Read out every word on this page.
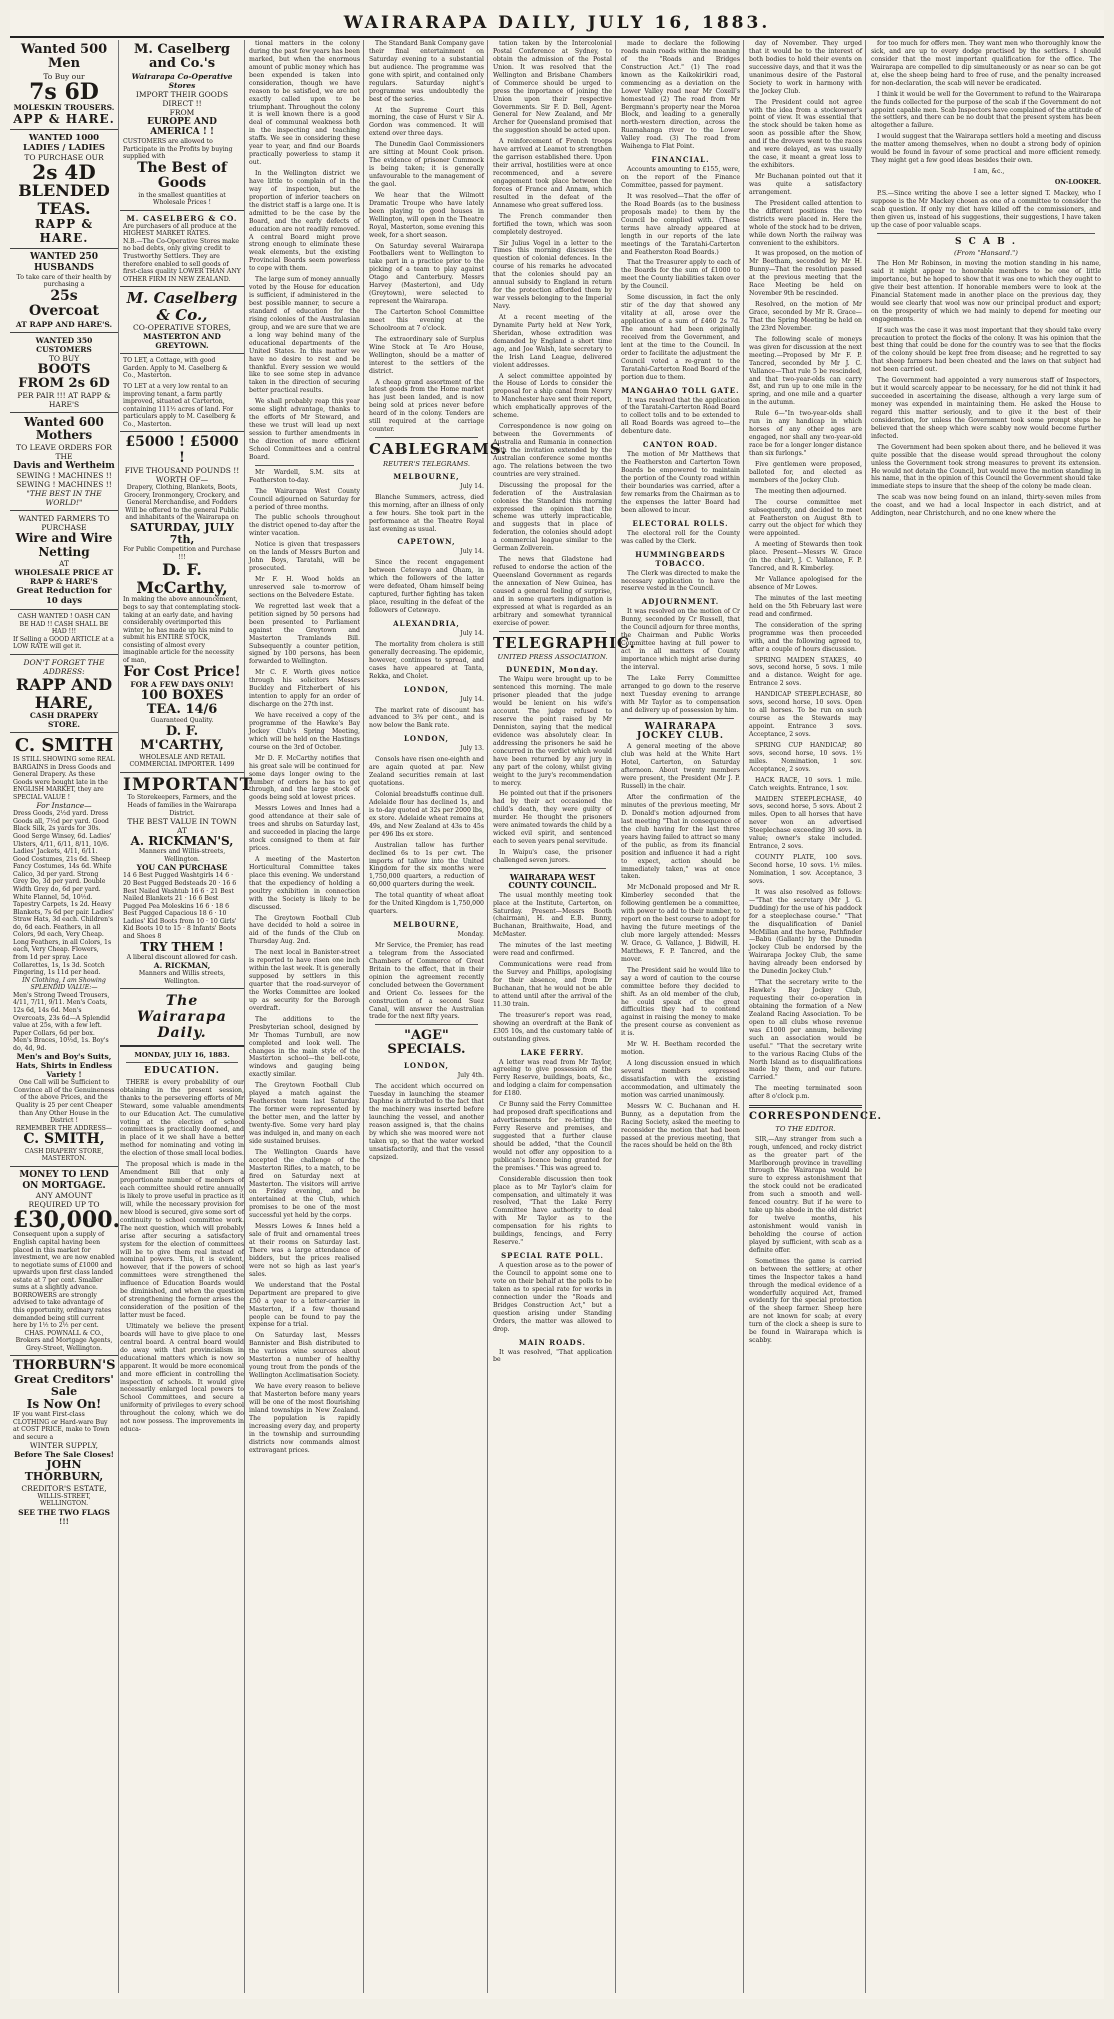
WAIRARAPA DAILY, JULY 16, 1883.
Wanted 500 Men
To Buy our
7s 6D
MOLESKIN TROUSERS.
APP & HARE.
WANTED 1000 LADIES / LADIES
TO PURCHASE OUR
2s 4D
BLENDED TEAS.
RAPP & HARE.
WANTED 250 HUSBANDS
To take care of their health by purchasing a
25s Overcoat
AT RAPP AND HARE'S.
WANTED 350 CUSTOMERS
TO BUY
BOOTS FROM 2s 6D
PER PAIR !!! AT RAPP & HARE'S
Wanted 600 Mothers
TO LEAVE ORDERS FOR THE
Davis and Wertheim
SEWING ! MACHINES !! SEWING ! MACHINES !!
"THE BEST IN THE WORLD!"
WANTED FARMERS TO PURCHASE
Wire and Wire Netting
AT
WHOLESALE PRICE AT RAPP & HARE'S
Great Reduction for 10 days
CASH WANTED ! OASH CAN BE HAD !! CASH SHALL BE HAD !!!
If Selling a GOOD ARTICLE at a LOW RATE will get it.
DON'T FORGET THE ADDRESS:
RAPP AND HARE,
CASH DRAPERY STORE.
C. SMITH
IS STILL SHOWING some REAL BARGAINS in Dress Goods and General Drapery. As these Goods were bought late in the ENGLISH MARKET, they are SPECIAL VALUE !
For Instance—
Dress Goods, 2½d yard. Dress Goods all, 7½d per yard. Good Black Silk, 2s yards for 30s. Good Serge Winsey, 6d. Ladies' Ulsters, 4/11, 6/11, 8/11, 10/6. Ladies' Jackets, 4/11, 6/11. Good Costumes, 21s 6d. Sheep Fancy Costumes, 14s 6d. White Calico, 3d per yard. Strong Grey Do, 3d per yard. Double Width Grey do, 6d per yard. White Flannel, 5d, 10½d. Tapestry Carpets, 1s 2d. Heavy Blankets, 7s 6d per pair. Ladies' Straw Hats, 3d each. Children's do, 6d each. Feathers, in all Colors, 9d each, Very Cheap. Long Feathers, in all Colors, 1s each, Very Cheap. Flowers, from 1d per spray. Lace Collarettes, 1s, 1s 3d. Scotch Fingering, 1s 11d per head.
IN Clothing, I am Showing SPLENDID VALUE:—
Men's Strong Tweed Trousers, 4/11, 7/11, 9/11. Men's Coats, 12s 6d, 14s 6d. Men's Overcoats, 23s 6d—A Splendid value at 25s, with a few left. Paper Collars, 6d per box. Men's Braces, 10½d, 1s. Boy's do, 4d, 9d.
Men's and Boy's Suits, Hats, Shirts in Endless Variety !
One Call will be Sufficient to Convince all of the Genuineness of the above Prices, and the Quality is 25 per cent Cheaper than Any Other House in the District !
REMEMBER THE ADDRESS—
C. SMITH,
CASH DRAPERY STORE, MASTERTON.
MONEY TO LEND ON MORTGAGE.
ANY AMOUNT REQUIRED UP TO
£30,000.
Consequent upon a supply of English capital having been placed in this market for investment, we are now enabled to negotiate sums of £1000 and upwards upon first class landed estate at 7 per cent. Smaller sums at a slightly advance.
BORROWERS are strongly advised to take advantage of this opportunity, ordinary rates demanded being still current here by 1½ to 2½ per cent.
CHAS. POWNALL & CO., Brokers and Mortgage Agents, Grey-Street, Wellington.
THORBURN'S
Great Creditors' Sale
Is Now On!
IF you want First-class CLOTHING or Hard-ware Buy at COST PRICE, make to Town and secure a
WINTER SUPPLY,
Before The Sale Closes!
JOHN THORBURN,
CREDITOR'S ESTATE,
WILLIS-STREET, WELLINGTON.
SEE THE TWO FLAGS !!!
M. Caselberg and Co.'s
Wairarapa Co-Operative Stores
IMPORT THEIR GOODS DIRECT !!
FROM
EUROPE AND AMERICA ! !
CUSTOMERS are allowed to Participate in the Profits by buying supplied with
The Best of Goods
in the smallest quantities at Wholesale Prices !
M. CASELBERG & CO.
Are purchasers of all produce at the HIGHEST MARKET RATES.
N.B.—The Co-Operative Stores make no bad debts, only giving credit to Trustworthy Settlers. They are therefore enabled to sell goods of first-class quality LOWER THAN ANY OTHER FIRM IN NEW ZEALAND.
M. Caselberg & Co.,
CO-OPERATIVE STORES,
MASTERTON AND GREYTOWN.
TO LET, a Cottage, with good Garden. Apply to M. Caselberg & Co., Masterton.
TO LET at a very low rental to an improving tenant, a farm partly improved, situated at Carterton, containing 111½ acres of land. For particulars apply to M. Caselberg & Co., Masterton.
£5000 ! £5000 !
FIVE THOUSAND POUNDS !! WORTH OF—
Drapery, Clothing, Blankets, Boots, Grocery, Ironmongery, Crockery, and General Merchandise, and Fodders Will be offered to the general Public and inhabitants of the Wairarapa on
SATURDAY, JULY 7th,
For Public Competition and Purchase !!!
D. F. McCarthy,
In making the above announcement, begs to say that contemplating stock-taking at an early date, and having considerably overimported this winter, he has made up his mind to submit his ENTIRE STOCK, consisting of almost every imaginable article for the necessity of man,
For Cost Price!
FOR A FEW DAYS ONLY!
100 BOXES TEA. 14/6
Guaranteed Quality.
D. F. M'CARTHY,
WHOLESALE AND RETAIL COMMERCIAL IMPORTER. 1499
IMPORTANT
To Storekeepers, Farmers, and the Heads of families in the Wairarapa District.
THE BEST VALUE IN TOWN AT
A. RICKMAN'S,
Manners and Willis-streets, Wellington.
YOU CAN PURCHASE
14 6 Best Pugged Washtgirls 14 6 · 20 Best Pugged Bedsteads 20 · 16 6 Best Nailed Washtub 16 6 · 21 Best Nailed Blankets 21 · 16 6 Best Pugged Pea Moleskins 16 6 · 18 6 Best Pugged Capacious 18 6 · 10 Ladies' Kid Boots from 10 · 10 Girls' Kid Boots 10 to 15 · 8 Infants' Boots and Shoes 8
TRY THEM !
A liberal discount allowed for cash.
A. RICKMAN,
Manners and Willis streets, Wellington.
The Wairarapa Daily.
MONDAY, JULY 16, 1883.
EDUCATION.

THERE is every probability of our obtaining in the present session, thanks to the persevering efforts of Mr Steward, some valuable amendments to our Education Act. The cumulative voting at the election of school committees is practically doomed, and in place of it we shall have a better method for nominating and voting in the election of those small local bodies.

The proposal which is made in the Amendment Bill that only a proportionate number of members of each committee should retire annually is likely to prove useful in practice as it will, while the necessary provision for new blood is secured, give some sort of continuity to school committee work. The next question, which will probably arise after securing a satisfactory system for the election of committees will be to give them real instead of nominal powers. This, it is evident, however, that if the powers of school committees were strengthened the influence of Education Boards would be diminished, and when the question of strengthening the former arises the consideration of the position of the latter must be faced.

Ultimately we believe the present boards will have to give place to one central board. A central board would do away with that provincialism in educational matters which is now so apparent. It would be more economical and more efficient in controlling the inspection of schools. It would give necessarily enlarged local powers to School Committees, and secure a uniformity of privileges to every school throughout the colony, which we do not now possess. The improvements in educa-

tional matters in the colony during the past few years has been marked, but when the enormous amount of public money which has been expended is taken into consideration, though we have reason to be satisfied, we are not exactly called upon to be triumphant. Throughout the colony it is well known there is a good deal of communal weakness both in the inspecting and teaching staffs. We see in considering these year to year, and find our Boards practically powerless to stamp it out.

In the Wellington district we have little to complain of in the way of inspection, but the proportion of inferior teachers on the district staff is a large one. It is admitted to be the case by the Board, and the early defects of education are not readily removed. A central Board might prove strong enough to eliminate these weak elements, but the existing Provincial Boards seem powerless to cope with them.

The large sum of money annually voted by the House for education is sufficient, if administered in the best possible manner, to secure a standard of education for the rising colonies of the Australasian group, and we are sure that we are a long way behind many of the educational departments of the United States. In this matter we have no desire to rest and be thankful. Every session we would like to see some step in advance taken in the direction of securing better practical results.

We shall probably reap this year some slight advantage, thanks to the efforts of Mr Steward, and these we trust will lead up next session to further amendments in the direction of more efficient School Committees and a central Board.

Mr Wardell, S.M. sits at Featherston to-day.

The Wairarapa West County Council adjourned on Saturday for a period of three months.

The public schools throughout the district opened to-day after the winter vacation.

Notice is given that trespassers on the lands of Messrs Burton and John Boys, Taratahi, will be prosecuted.

Mr F. H. Wood holds an unreserved sale to-morrow of sections on the Belvedere Estate.

We regretted last week that a petition signed by 50 persons had been presented to Parliament against the Greytown and Masterton Tramlands Bill. Subsequently a counter petition, signed by 100 persons, has been forwarded to Wellington.

Mr C. F. Worth gives notice through his solicitors Messrs Buckley and Fitzherbert of his intention to apply for an order of discharge on the 27th inst.

We have received a copy of the programme of the Hawke's Bay Jockey Club's Spring Meeting, which will be held on the Hastings course on the 3rd of October.

Mr D. F. McCarthy notifies that his great sale will be continued for some days longer owing to the number of orders he has to get through, and the large stock of goods being sold at lowest prices.

Messrs Lowes and Innes had a good attendance at their sale of trees and shrubs on Saturday last, and succeeded in placing the large stock consigned to them at fair prices.

A meeting of the Masterton Horticultural Committee takes place this evening. We understand that the expediency of holding a poultry exhibition in connection with the Society is likely to be discussed.

The Greytown Football Club have decided to hold a soiree in aid of the funds of the Club on Thursday Aug. 2nd.

The next local in Banister-street is reported to have risen one inch within the last week. It is generally supposed by settlers in this quarter that the road-surveyor of the Works Committee are looked up as security for the Borough overdraft.

The additions to the Presbyterian school, designed by Mr Thomas Turnbull, are now completed and look well. The changes in the main style of the Masterton school—the bell-cote, windows and gauging being exactly similar.

The Greytown Football Club played a match against the Featherston team last Saturday. The former were represented by the better men, and the latter by twenty-five. Some very hard play was indulged in, and many on each side sustained bruises.

The Wellington Guards have accepted the challenge of the Masterton Rifles, to a match, to be fired on Saturday next at Masterton. The visitors will arrive on Friday evening, and be entertained at the Club, which promises to be one of the most successful yet held by the corps.

Messrs Lowes & Innes held a sale of fruit and ornamental trees at their rooms on Saturday last. There was a large attendance of bidders, but the prices realised were not so high as last year's sales.

We understand that the Postal Department are prepared to give £50 a year to a letter-carrier in Masterton, if a few thousand people can be found to pay the expense for a trial.

On Saturday last, Messrs Bannister and Bish distributed to the various wine sources about Masterton a number of healthy young trout from the ponds of the Wellington Acclimatisation Society.

We have every reason to believe that Masterton before many years will be one of the most flourishing inland townships in New Zealand. The population is rapidly increasing every day, and property in the township and surrounding districts now commands almost extravagant prices.

The Standard Bank Company gave their final entertainment on Saturday evening to a substantial but audience. The programme was gone with spirit, and contained only regulars. Saturday night's programme was undoubtedly the best of the series.

At the Supreme Court this morning, the case of Hurst v Sir A. Gordon was commenced. It will extend over three days.

The Dunedin Gaol Commissioners are sitting at Mount Cook prison. The evidence of prisoner Cummock is being taken; it is generally unfavourable to the management of the gaol.

We hear that the Wilmott Dramatic Troupe who have lately been playing to good houses in Wellington, will open in the Theatre Royal, Masterton, some evening this week, for a short season.

On Saturday several Wairarapa Footballers went to Wellington to take part in a practice prior to the picking of a team to play against Otago and Canterbury. Messrs Harvey (Masterton), and Udy (Greytown), were selected to represent the Wairarapa.

The Carterton School Committee meet this evening at the Schoolroom at 7 o'clock.

The extraordinary sale of Surplus Wine Stock at Te Aro House, Wellington, should be a matter of interest to the settlers of the district.

A cheap grand assortment of the latest goods from the Home market has just been landed, and is now being sold at prices never before heard of in the colony. Tenders are still required at the carriage counter.

CABLEGRAMS.
REUTER'S TELEGRAMS.
MELBOURNE,

July 14.

Blanche Summers, actress, died this morning, after an illness of only a few hours. She took part in the performance at the Theatre Royal last evening as usual.

CAPETOWN,

July 14.

Since the recent engagement between Cetewayo and Oham, in which the followers of the latter were defeated, Oham himself being captured, further fighting has taken place, resulting in the defeat of the followers of Cetewayo.

ALEXANDRIA,

July 14.

The mortality from cholera is still generally decreasing. The epidemic, however, continues to spread, and cases have appeared at Tanta, Rekka, and Cholet.

LONDON,

July 14.

The market rate of discount has advanced to 3¾ per cent., and is now below the Bank rate.

LONDON,

July 13.

Consols have risen one-eighth and are again quoted at par. New Zealand securities remain at last quotations.

Colonial breadstuffs continue dull. Adelaide flour has declined 1s, and is to-day quoted at 32s per 2000 lbs, ex store. Adelaide wheat remains at 49s, and New Zealand at 43s to 45s per 496 lbs ex store.

Australian tallow has further declined 6s to 1s per cwt. The imports of tallow into the United Kingdom for the six months were 1,750,000 quarters, a reduction of 60,000 quarters during the week.

The total quantity of wheat afloat for the United Kingdom is 1,750,000 quarters.

MELBOURNE,

Monday.

Mr Service, the Premier, has read a telegram from the Associated Chambers of Commerce of Great Britain to the effect, that in their opinion the agreement recently concluded between the Government and Orient Co. lessees for the construction of a second Suez Canal, will answer the Australian trade for the next fifty years.

"AGE" SPECIALS.
LONDON,

July 4th.

The accident which occurred on Tuesday in launching the steamer Daphne is attributed to the fact that the machinery was inserted before launching the vessel, and another reason assigned is, that the chains by which she was moored were not taken up, so that the water worked unsatisfactorily, and that the vessel capsized.

tation taken by the Intercolonial Postal Conference at Sydney, to obtain the admission of the Postal Union. It was resolved that the Wellington and Brisbane Chambers of Commerce should be urged to press the importance of joining the Union upon their respective Governments. Sir F. D. Bell, Agent-General for New Zealand, and Mr Archer for Queensland promised that the suggestion should be acted upon.

A reinforcement of French troops have arrived at Leamot to strengthen the garrison established there. Upon their arrival, hostilities were at once recommenced, and a severe engagement took place between the forces of France and Annam, which resulted in the defeat of the Annamese who great suffered loss.

The French commander then fortified the town, which was soon completely destroyed.

Sir Julius Vogel in a letter to the Times this morning discusses the question of colonial defences. In the course of his remarks he advocated that the colonies should pay an annual subsidy to England in return for the protection afforded them by war vessels belonging to the Imperial Navy.

At a recent meeting of the Dynamite Party held at New York, Sheridan, whose extradition was demanded by England a short time ago, and Joe Walsh, late secretary to the Irish Land League, delivered violent addresses.

A select committee appointed by the House of Lords to consider the proposal for a ship canal from Newry to Manchester have sent their report, which emphatically approves of the scheme.

Correspondence is now going on between the Governments of Australia and Rumania in connection with the invitation extended by the Australian conference some months ago. The relations between the two countries are very strained.

Discussing the proposal for the federation of the Australasian colonies the Standard this morning expressed the opinion that the scheme was utterly impracticable, and suggests that in place of federation, the colonies should adopt a commercial league similar to the German Zollverein.

The news that Gladstone had refused to endorse the action of the Queensland Government as regards the annexation of New Guinea, has caused a general feeling of surprise, and in some quarters indignation is expressed at what is regarded as an arbitrary and somewhat tyrannical exercise of power.

TELEGRAPHIC.
UNITED PRESS ASSOCIATION.
DUNEDIN, Monday.

The Waipu were brought up to be sentenced this morning. The male prisoner pleaded that the judge would be lenient on his wife's account. The judge refused to reserve the point raised by Mr Denniston, saying that the medical evidence was absolutely clear. In addressing the prisoners he said he concurred in the verdict which would have been returned by any jury in any part of the colony, whilst giving weight to the jury's recommendation to mercy.

He pointed out that if the prisoners had by their act occasioned the child's death, they were guilty of murder. He thought the prisoners were animated towards the child by a wicked evil spirit, and sentenced each to seven years penal servitude.

In Waipu's case, the prisoner challenged seven jurors.

WAIRARAPA WEST COUNTY COUNCIL.

The usual monthly meeting took place at the Institute, Carterton, on Saturday. Present—Messrs Booth (chairman), H. and E.B. Bunny, Buchanan, Braithwaite, Hoad, and McMaster.

The minutes of the last meeting were read and confirmed.

Communications were read from the Survey and Phillips, apologising for their absence, and from Dr Buchanan, that he would not be able to attend until after the arrival of the 11.30 train.

The treasurer's report was read, showing an overdraft at the Bank of £305 10s, and the customary table of outstanding gives.

LAKE FERRY.

A letter was read from Mr Taylor, agreeing to give possession of the Ferry Reserve, buildings, boats, &c., and lodging a claim for compensation for £180.

Cr Bunny said the Ferry Committee had proposed draft specifications and advertisements for re-letting the Ferry Reserve and premises, and suggested that a further clause should be added, "that the Council would not offer any opposition to a publican's licence being granted for the premises." This was agreed to.

Considerable discussion then took place as to Mr Taylor's claim for compensation, and ultimately it was resolved, "That the Lake Ferry Committee have authority to deal with Mr Taylor as to the compensation for his rights to buildings, fencings, and Ferry Reserve."

SPECIAL RATE POLL.

A question arose as to the power of the Council to appoint some one to vote on their behalf at the polls to be taken as to special rate for works in connection under the "Roads and Bridges Construction Act," but a question arising under Standing Orders, the matter was allowed to drop.

MAIN ROADS.

It was resolved, "That application be

made to declare the following roads main roads within the meaning of the "Roads and Bridges Construction Act." (1) The road known as the Kaikokirikiri road, commencing as a deviation on the Lower Valley road near Mr Coxell's homestead (2) The road from Mr Bergmann's property near the Moroa Block, and leading to a generally north-western direction, across the Ruamahanga river to the Lower Valley road. (3) The road from Waihenga to Flat Point.

FINANCIAL.

Accounts amounting to £155, were, on the report of the Finance Committee, passed for payment.

It was resolved—That the offer of the Road Boards (as to the business proposals made) to them by the Council be complied with. (These terms have already appeared at length in our reports of the late meetings of the Taratahi-Carterton and Featherston Road Boards.)

That the Treasurer apply to each of the Boards for the sum of £1000 to meet the County liabilities taken over by the Council.

Some discussion, in fact the only stir of the day that showed any vitality at all, arose over the application of a sum of £460 2s 7d. The amount had been originally received from the Government, and lent at the time to the Council. In order to facilitate the adjustment the Council voted a re-grant to the Taratahi-Carterton Road Board of the portion due to them.

MANGAHAO TOLL GATE.

It was resolved that the application of the Taratahi-Carterton Road Board to collect tolls and to be extended to all Road Boards was agreed to—the debenture date.

CANTON ROAD.

The motion of Mr Matthews that the Featherston and Carterton Town Boards be empowered to maintain the portion of the County road within their boundaries was carried, after a few remarks from the Chairman as to the expenses the latter Board had been allowed to incur.

ELECTORAL ROLLS.

The electoral roll for the County was called by the Clerk.

HUMMINGBEARDS TOBACCO.

The Clerk was directed to make the necessary application to have the reserve vested in the Council.

ADJOURNMENT.

It was resolved on the motion of Cr Bunny, seconded by Cr Russell, that the Council adjourn for three months, the Chairman and Public Works Committee having at full power to act in all matters of County importance which might arise during the interval.

The Lake Ferry Committee arranged to go down to the reserve next Tuesday evening to arrange with Mr Taylor as to compensation and delivery up of possession by him.

WAIRARAPA JOCKEY CLUB.

A general meeting of the above club was held at the White Hart Hotel, Carterton, on Saturday afternoon. About twenty members were present, the President (Mr J. P. Russell) in the chair.

After the confirmation of the minutes of the previous meeting, Mr D. Donald's motion adjourned from last meeting "That in consequence of the club having for the last three years having failed to attract so many of the public, as from its financial position and influence it had a right to expect, action should be immediately taken," was at once taken.

Mr McDonald proposed and Mr R. Kimberley seconded that the following gentlemen be a committee, with power to add to their number, to report on the best course to adopt for having the future meetings of the club more largely attended: Messrs W. Grace, G. Vallance, J. Bidwill, H. Matthews, F. P. Tancred, and the mover.

The President said he would like to say a word of caution to the course committee before they decided to shift. As an old member of the club, he could speak of the great difficulties they had to contend against in raising the money to make the present course as convenient as it is.

Mr W. H. Beetham recorded the motion.

A long discussion ensued in which several members expressed dissatisfaction with the existing accommodation, and ultimately the motion was carried unanimously.

Messrs W. C. Buchanan and H. Bunny, as a deputation from the Racing Society, asked the meeting to reconsider the motion that had been passed at the previous meeting, that the races should be held on the 8th

day of November. They urged that it would be to the interest of both bodies to hold their events on successive days, and that it was the unanimous desire of the Pastoral Society to work in harmony with the Jockey Club.

The President could not agree with the idea from a stockowner's point of view. It was essential that the stock should be taken home as soon as possible after the Show, and if the drovers went to the races and were delayed, as was usually the case, it meant a great loss to the exhibitors.

Mr Buchanan pointed out that it was quite a satisfactory arrangement.

The President called attention to the different positions the two districts were placed in. Here the whole of the stock had to be driven, while down North the railway was convenient to the exhibitors.

It was proposed, on the motion of Mr Beetham, seconded by Mr H. Bunny—That the resolution passed at the previous meeting that the Race Meeting be held on November 9th be rescinded.

Resolved, on the motion of Mr Grace, seconded by Mr R. Grace—That the Spring Meeting be held on the 23rd November.

The following scale of moneys was given for discussion at the next meeting.—Proposed by Mr F. P. Tancred, seconded by Mr J. C. Vallance—That rule 5 be rescinded, and that two-year-olds can carry 8st, and run up to one mile in the spring, and one mile and a quarter in the autumn.

Rule 6—"In two-year-olds shall run in any handicap in which horses of any other ages are engaged, nor shall any two-year-old race be for a longer longer distance than six furlongs."

Five gentlemen were proposed, balloted for, and elected as members of the Jockey Club.

The meeting then adjourned.

The course committee met subsequently, and decided to meet at Featherston on August 8th to carry out the object for which they were appointed.

A meeting of Stewards then took place. Present—Messrs W. Grace (in the chair), J. C. Vallance, F. P. Tancred, and R. Kimberley.

Mr Vallance apologised for the absence of Mr Lowes.

The minutes of the last meeting held on the 5th February last were read and confirmed.

The consideration of the spring programme was then proceeded with, and the following agreed to, after a couple of hours discussion.

SPRING MAIDEN STAKES, 40 sovs, second horse, 5 sovs. 1 mile and a distance. Weight for age. Entrance 2 sovs.

HANDICAP STEEPLECHASE, 80 sovs, second horse, 10 sovs. Open to all horses. To be run on such course as the Stewards may appoint. Entrance 3 sovs. Acceptance, 2 sovs.

SPRING CUP HANDICAP, 80 sovs, second horse, 10 sovs. 1½ miles. Nomination, 1 sov. Acceptance, 2 sovs.

HACK RACE, 10 sovs. 1 mile. Catch weights. Entrance, 1 sov.

MAIDEN STEEPLECHASE, 40 sovs, second horse, 5 sovs. About 2 miles. Open to all horses that have never won an advertised Steeplechase exceeding 30 sovs. in value; owner's stake included. Entrance, 2 sovs.

COUNTY PLATE, 100 sovs. Second horse, 10 sovs. 1½ miles. Nomination, 1 sov. Acceptance, 3 sovs.

It was also resolved as follows:—"That the secretary (Mr J. G. Dudding) for the use of his paddock for a steeplechase course." "That the disqualification of Daniel McMillan and the horse, Pathfinder—Babu (Gallant) by the Dunedin Jockey Club be endorsed by the Wairarapa Jockey Club, the same having already been endorsed by the Dunedin Jockey Club."

"That the secretary write to the Hawke's Bay Jockey Club, requesting their co-operation in obtaining the formation of a New Zealand Racing Association. To be open to all clubs whose revenue was £1000 per annum, believing such an association would be useful." "That the secretary write to the various Racing Clubs of the North Island as to disqualifications made by them, and our future. Carried."

The meeting terminated soon after 8 o'clock p.m.

CORRESPONDENCE.
TO THE EDITOR.

SIR,—Any stranger from such a rough, unfenced, and rocky district as the greater part of the Marlborough province in travelling through the Wairarapa would be sure to express astonishment that the stock could not be eradicated from such a smooth and well-fenced country. But if he were to take up his abode in the old district for twelve months, his astonishment would vanish in beholding the course of action played by sufficient, with scab as a definite offer.

Sometimes the game is carried on between the settlers; at other times the Inspector takes a hand through the medical evidence of a wonderfully acquired Act, framed evidently for the special protection of the sheep farmer. Sheep here are not known for scab; at every turn of the clock a sheep is sure to be found in Wairarapa which is scabby.

for too much for offers men. They want men who thoroughly know the sick, and are up to every dodge practised by the settlers. I should consider that the most important qualification for the office. The Wairarapa are compelled to dip simultaneously or as near so can be got at, else the sheep being hard to free of ruse, and the penalty increased for non-declaration, the scab will never be eradicated.

I think it would be well for the Government to refund to the Wairarapa the funds collected for the purpose of the scab if the Government do not appoint capable men. Scab Inspectors have complained of the attitude of the settlers, and there can be no doubt that the present system has been altogether a failure.

I would suggest that the Wairarapa settlers hold a meeting and discuss the matter among themselves, when no doubt a strong body of opinion would be found in favour of some practical and more efficient remedy. They might get a few good ideas besides their own.

I am, &c.,

ON-LOOKER.

P.S.—Since writing the above I see a letter signed T. Mackey, who I suppose is the Mr Mackey chosen as one of a committee to consider the scab question. If only my diet have killed off the commissioners, and then given us, instead of his suggestions, their suggestions, I have taken up the case of poor valuable scaps.

S C A B .
(From "Hansard.")

The Hon Mr Robinson, in moving the motion standing in his name, said it might appear to honorable members to be one of little importance, but he hoped to show that it was one to which they ought to give their best attention. If honorable members were to look at the Financial Statement made in another place on the previous day, they would see clearly that wool was now our principal product and export; on the prosperity of which we had mainly to depend for meeting our engagements.

If such was the case it was most important that they should take every precaution to protect the flocks of the colony. It was his opinion that the best thing that could be done for the country was to see that the flocks of the colony should be kept free from disease; and he regretted to say that sheep farmers had been cheated and the laws on that subject had not been carried out.

The Government had appointed a very numerous staff of Inspectors, but it would scarcely appear to be necessary, for he did not think it had succeeded in ascertaining the disease, although a very large sum of money was expended in maintaining them. He asked the House to regard this matter seriously, and to give it the best of their consideration, for unless the Government took some prompt steps he believed that the sheep which were scabby now would become further infected.

The Government had been spoken about there, and he believed it was quite possible that the disease would spread throughout the colony unless the Government took strong measures to prevent its extension. He would not detain the Council, but would move the motion standing in his name, that in the opinion of this Council the Government should take immediate steps to insure that the sheep of the colony be made clean.

The scab was now being found on an inland, thirty-seven miles from the coast, and we had a local Inspector in each district, and at Addington, near Christchurch, and no one knew where the
